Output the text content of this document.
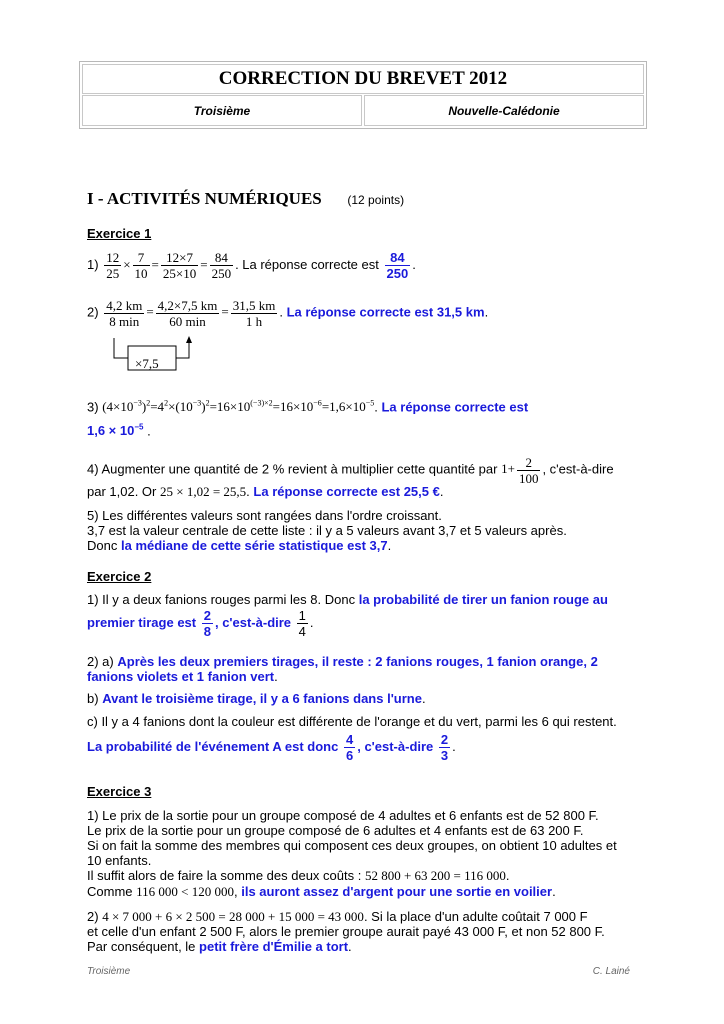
CORRECTION DU BREVET 2012
Troisième	Nouvelle-Calédonie
I - ACTIVITÉS NUMÉRIQUES (12 points)
Exercice 1
$1) \frac{12}{25} \times \frac{7}{10} = \frac{12\times 7}{25\times 10} = \frac{84}{250}$ . La réponse correcte est $\frac{84}{250}$ .
$2) \frac{4,2 km}{8 \min} = \frac{4,2\times 7,5 km}{60 \min} = \frac{31,5 km}{1 h}$ . La réponse correcte est 31,5 km.
×7,5
3) $(4\times 10^{-3})^2=4^2\times(10^{-3})^2=16\times 10^{(-3)\times 2}=16\times 10^{-6}=1,6\times 10^{-5}$. La réponse correcte est
$1,6 \times 10^{-5}$ .
4) Augmenter une quantité de 2 % revient à multiplier cette quantité par $1+ \frac{2}{100}$ , c'est-à-dire
par 1,02. Or 25 × 1,02 = 25,5. La réponse correcte est 25,5 €.
5) Les différentes valeurs sont rangées dans l'ordre croissant.
3,7 est la valeur centrale de cette liste : il y a 5 valeurs avant 3,7 et 5 valeurs après.
Donc la médiane de cette série statistique est 3,7.
Exercice 2
1) Il y a deux fanions rouges parmi les 8. Donc la probabilité de tirer un fanion rouge au
premier tirage est $\frac{2}{8}$ , c'est-à-dire $\frac{1}{4}$ .
2) a) Après les deux premiers tirages, il reste : 2 fanions rouges, 1 fanion orange, 2
fanions violets et 1 fanion vert.
b) Avant le troisième tirage, il y a 6 fanions dans l'urne.
c) Il y a 4 fanions dont la couleur est différente de l'orange et du vert, parmi les 6 qui restent.
La probabilité de l'événement A est donc $\frac{4}{6}$ , c'est-à-dire $\frac{2}{3}$ .
Exercice 3
1) Le prix de la sortie pour un groupe composé de 4 adultes et 6 enfants est de 52 800 F.
Le prix de la sortie pour un groupe composé de 6 adultes et 4 enfants est de 63 200 F.
Si on fait la somme des membres qui composent ces deux groupes, on obtient 10 adultes et
10 enfants.
Il suffit alors de faire la somme des deux coûts : 52 800 + 63 200 = 116 000.
Comme 116 000 < 120 000, ils auront assez d'argent pour une sortie en voilier.
2) 4 × 7 000 + 6 × 2 500 = 28 000 + 15 000 = 43 000. Si la place d'un adulte coûtait 7 000 F
et celle d'un enfant 2 500 F, alors le premier groupe aurait payé 43 000 F, et non 52 800 F.
Par conséquent, le petit frère d'Émilie a tort.
Troisième	C. Lainé
